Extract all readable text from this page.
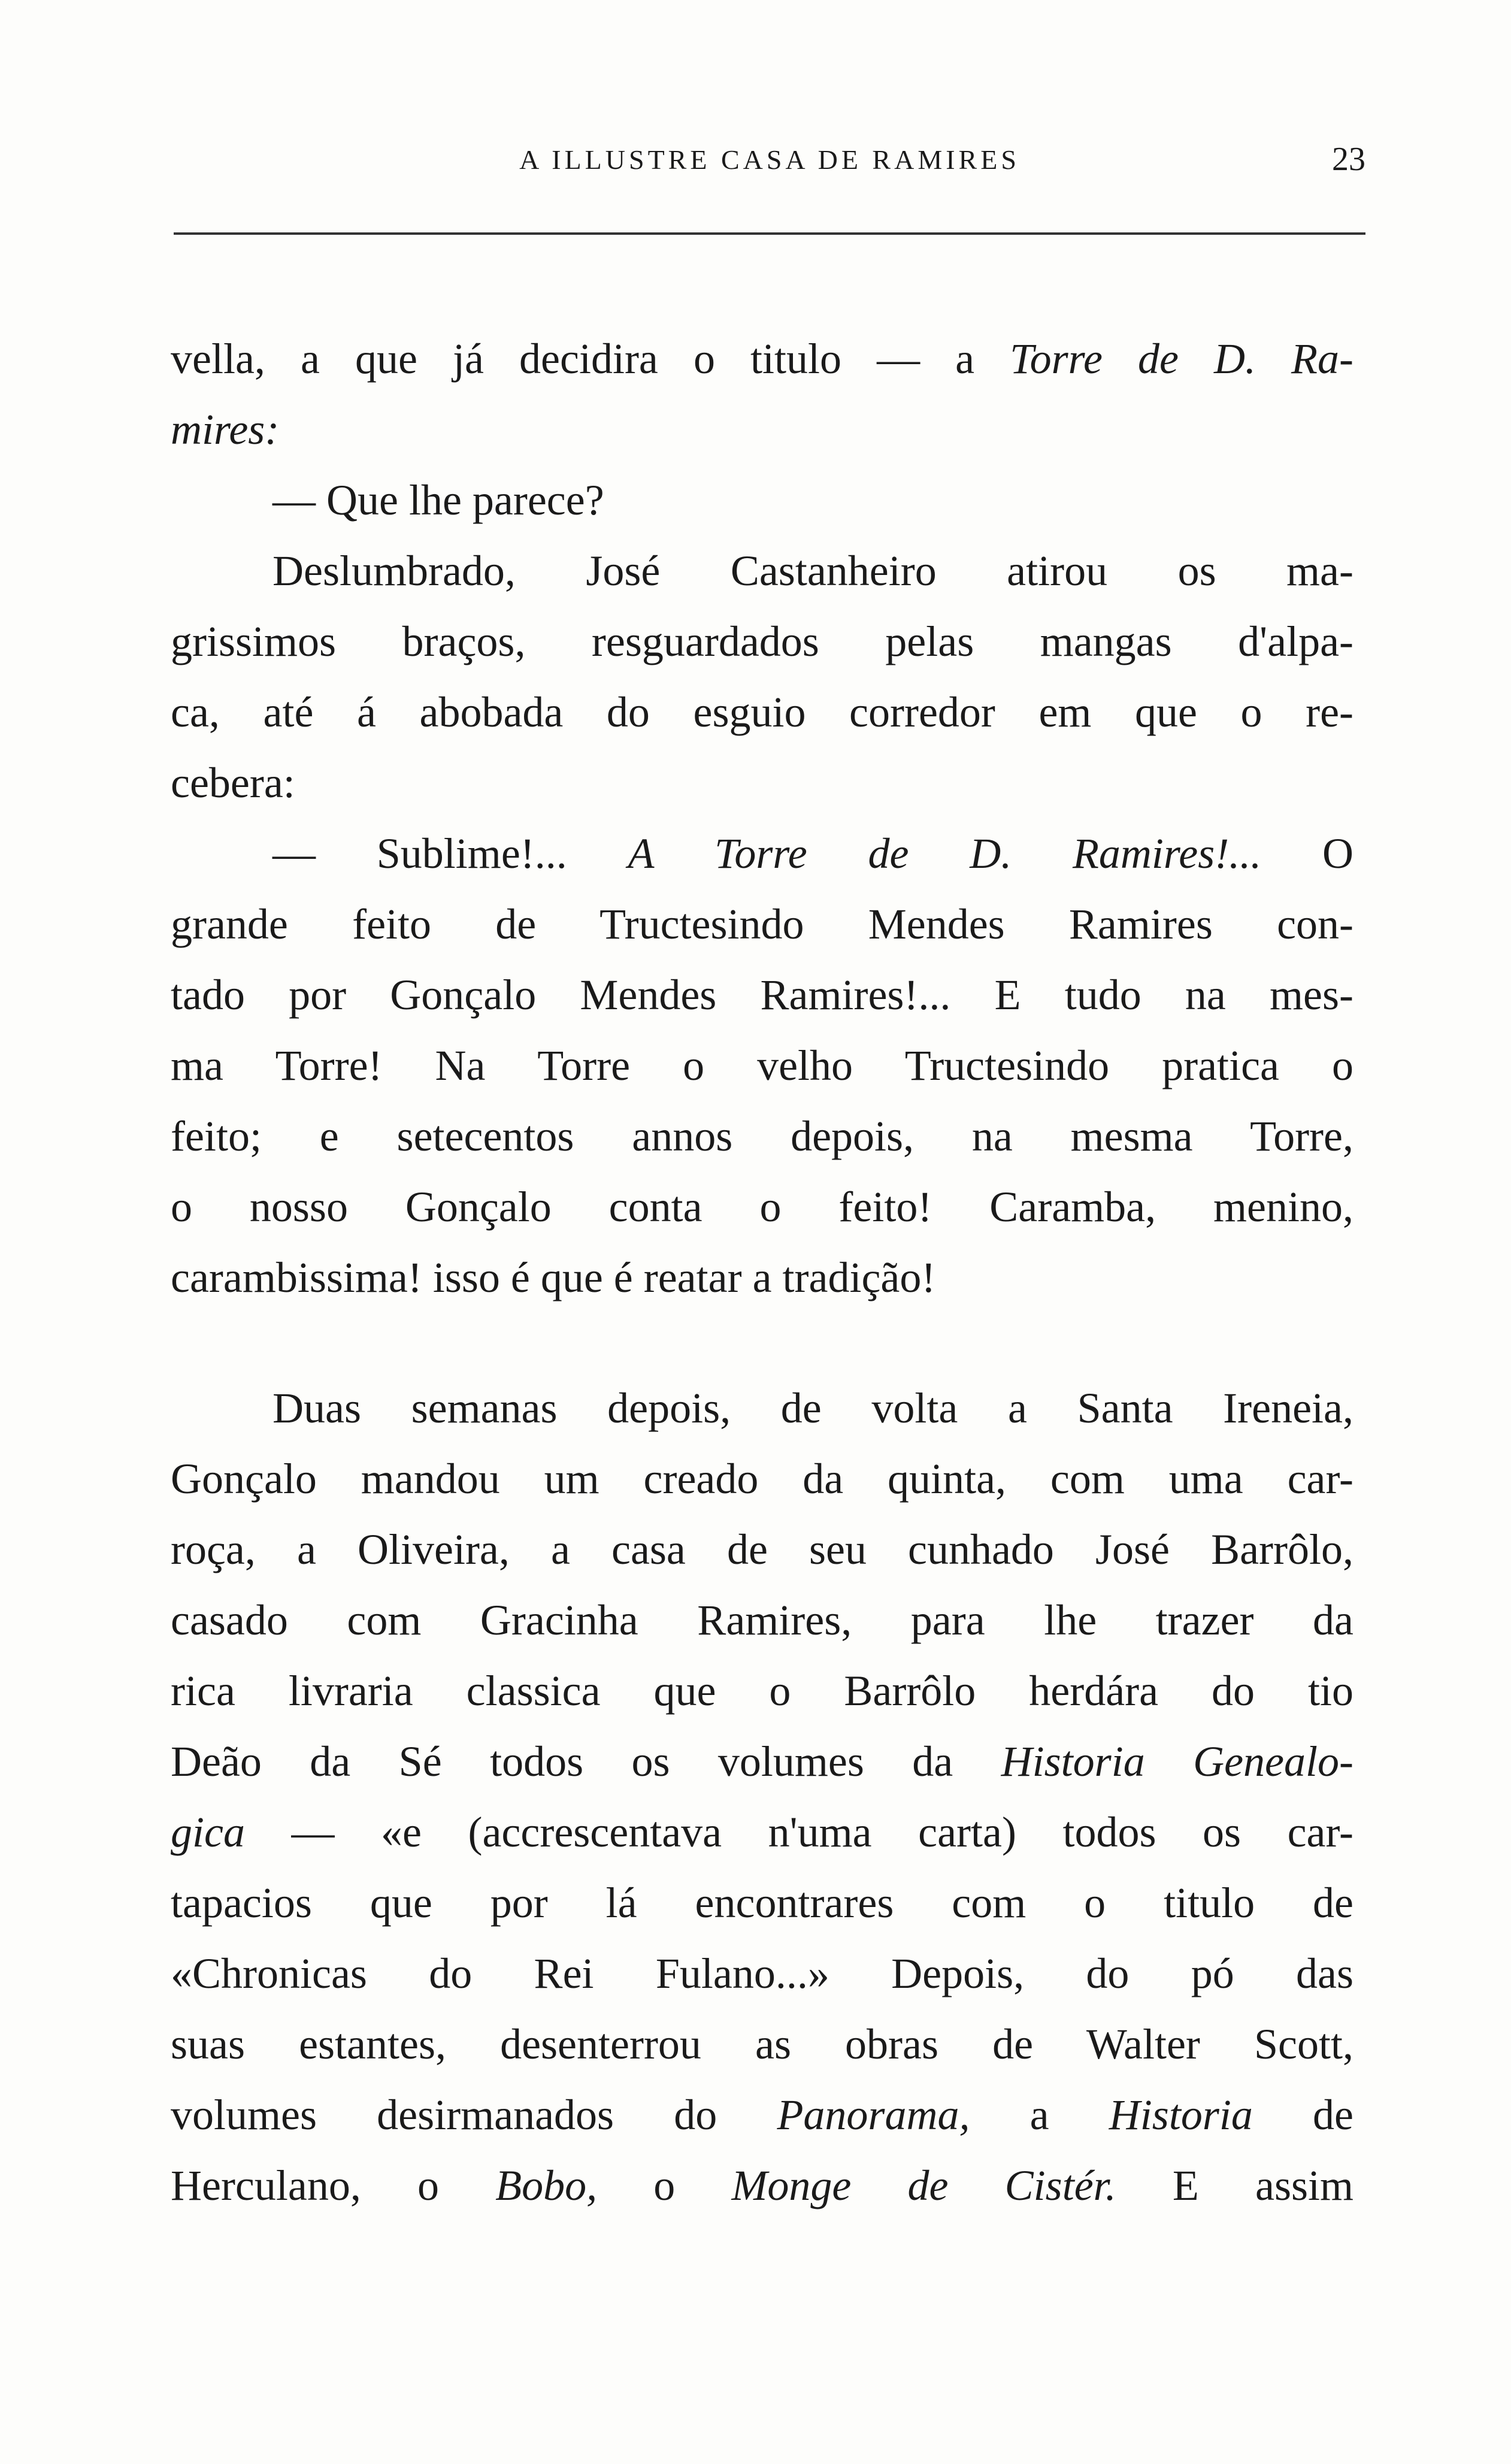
A ILLUSTRE CASA DE RAMIRES	23
vella, a que já decidira o titulo — a Torre de D. Ra-
mires:
— Que lhe parece?
Deslumbrado, José Castanheiro atirou os ma-
grissimos braços, resguardados pelas mangas d'alpa-
ca, até á abobada do esguio corredor em que o re-
cebera:
— Sublime!... A Torre de D. Ramires!... O
grande feito de Tructesindo Mendes Ramires con-
tado por Gonçalo Mendes Ramires!... E tudo na mes-
ma Torre! Na Torre o velho Tructesindo pratica o
feito; e setecentos annos depois, na mesma Torre,
o nosso Gonçalo conta o feito! Caramba, menino,
carambissima! isso é que é reatar a tradição!
Duas semanas depois, de volta a Santa Ireneia,
Gonçalo mandou um creado da quinta, com uma car-
roça, a Oliveira, a casa de seu cunhado José Barrôlo,
casado com Gracinha Ramires, para lhe trazer da
rica livraria classica que o Barrôlo herdára do tio
Deão da Sé todos os volumes da Historia Genealo-
gica — «e (accrescentava n'uma carta) todos os car-
tapacios que por lá encontrares com o titulo de
«Chronicas do Rei Fulano...» Depois, do pó das
suas estantes, desenterrou as obras de Walter Scott,
volumes desirmanados do Panorama, a Historia de
Herculano, o Bobo, o Monge de Cistér. E assim
